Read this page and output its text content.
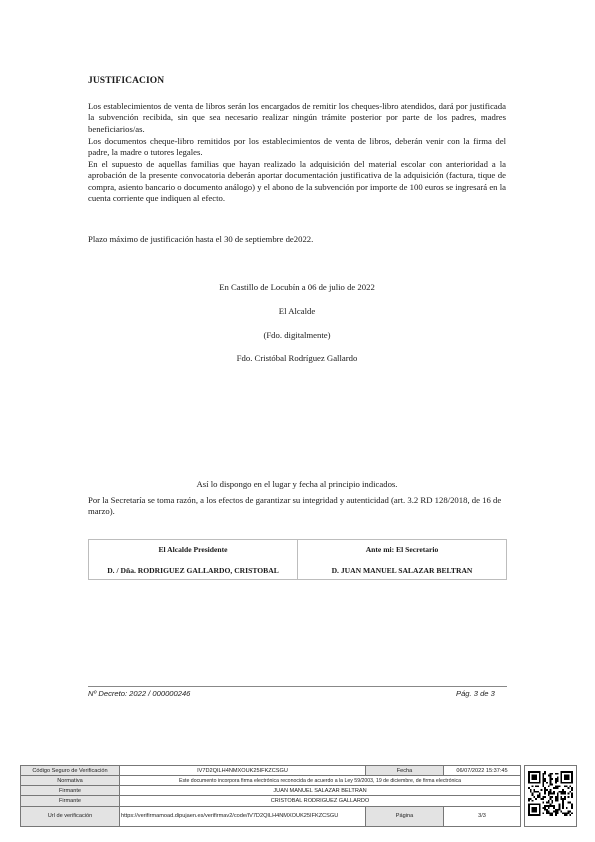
JUSTIFICACION
Los establecimientos de venta de libros serán los encargados de remitir los cheques-libro atendidos, dará por justificada la subvención recibida, sin que sea necesario realizar ningún trámite posterior por parte de los padres, madres beneficiarios/as.
Los documentos cheque-libro remitidos por los establecimientos de venta de libros, deberán venir con la firma del padre, la madre o tutores legales.
En el supuesto de aquellas familias que hayan realizado la adquisición del material escolar con anterioridad a la aprobación de la presente convocatoria deberán aportar documentación justificativa de la adquisición (factura, tique de compra, asiento bancario o documento análogo) y el abono de la subvención por importe de 100 euros se ingresará en la cuenta corriente que indiquen al efecto.
Plazo máximo de justificación hasta el 30 de septiembre de2022.
En Castillo de Locubín a 06 de julio de 2022
El Alcalde
(Fdo. digitalmente)
Fdo. Cristóbal Rodríguez Gallardo
Así lo dispongo en el lugar y fecha al principio indicados.
Por la Secretaría se toma razón, a los efectos de garantizar su integridad y autenticidad (art. 3.2 RD 128/2018, de 16 de marzo).
El Alcalde Presidente
D. / Dña. RODRIGUEZ GALLARDO, CRISTOBAL

Ante mi: El Secretario
D. JUAN MANUEL SALAZAR BELTRAN
Nº Decreto: 2022 / 000000246	Pág. 3 de 3
Código Seguro de Verificación	IV7D2QILH4NMXOUK25IFKZCSGU	Fecha	06/07/2022 15:37:45
Normativa	Este documento incorpora firma electrónica reconocida de acuerdo a la Ley 59/2003, 19 de diciembre, de firma electrónica		
Firmante	JUAN MANUEL SALAZAR BELTRAN		
Firmante	CRISTOBAL RODRIGUEZ GALLARDO		
Url de verificación	https://verifirmamoad.dipujaen.es/verifirmav2/code/IV7D2QILH4NMXOUK25IFKZCSGU	Página	3/3
